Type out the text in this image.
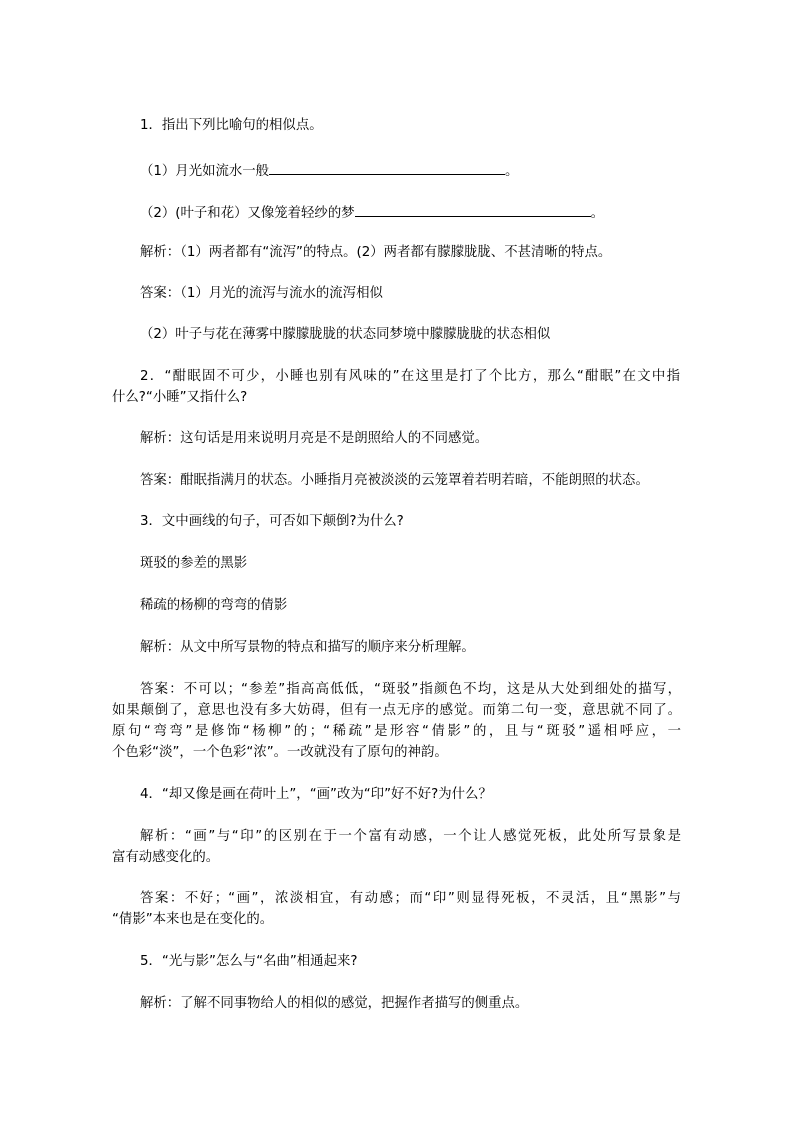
1．指出下列比喻句的相似点。
（1）月光如流水一般	。
（2）(叶子和花）又像笼着轻纱的梦	。
解析：（1）两者都有“流泻”的特点。(2）两者都有朦朦胧胧、不甚清晰的特点。
答案：（1）月光的流泻与流水的流泻相似
（2）叶子与花在薄雾中朦朦胧胧的状态同梦境中朦朦胧胧的状态相似
2．“酣眠固不可少，小睡也别有风味的”在这里是打了个比方，那么“酣眠”在文中指
什么?“小睡”又指什么?
解析：这句话是用来说明月亮是不是朗照给人的不同感觉。
答案：酣眠指满月的状态。小睡指月亮被淡淡的云笼罩着若明若暗，不能朗照的状态。
3．文中画线的句子，可否如下颠倒?为什么?
斑驳的参差的黑影
稀疏的杨柳的弯弯的倩影
解析：从文中所写景物的特点和描写的顺序来分析理解。
答案：不可以；“参差”指高高低低，“斑驳”指颜色不均，这是从大处到细处的描写，
如果颠倒了，意思也没有多大妨碍，但有一点无序的感觉。而第二句一变，意思就不同了。
原句“弯弯”是修饰“杨柳”的；“稀疏”是形容“倩影”的，且与“斑驳”遥相呼应，一
个色彩“淡”，一个色彩“浓”。一改就没有了原句的神韵。
4．“却又像是画在荷叶上”，“画”改为“印”好不好?为什么？
解析：“画”与“印”的区别在于一个富有动感，一个让人感觉死板，此处所写景象是
富有动感变化的。
答案：不好；“画”，浓淡相宜，有动感；而“印”则显得死板，不灵活，且“黑影”与
“倩影”本来也是在变化的。
5．“光与影”怎么与“名曲”相通起来?
解析：了解不同事物给人的相似的感觉，把握作者描写的侧重点。
